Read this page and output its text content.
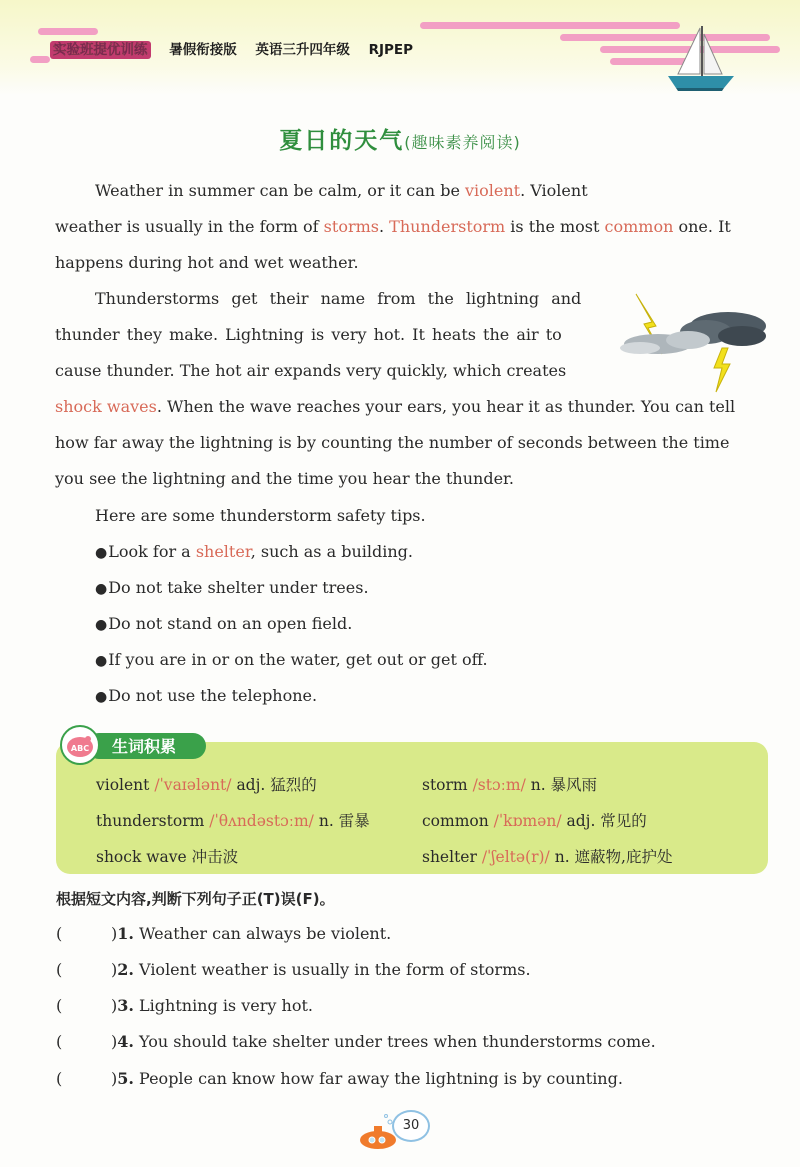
实验班提优训练 暑假衔接版 英语三升四年级 RJPEP
夏日的天气(趣味素养阅读)
Weather in summer can be calm, or it can be violent. Violent
weather is usually in the form of storms. Thunderstorm is the most common one. It
happens during hot and wet weather.
Thunderstorms get their name from the lightning and
thunder they make. Lightning is very hot. It heats the air to
cause thunder. The hot air expands very quickly, which creates
shock waves. When the wave reaches your ears, you hear it as thunder. You can tell
how far away the lightning is by counting the number of seconds between the time
you see the lightning and the time you hear the thunder.
Here are some thunderstorm safety tips.
●Look for a shelter, such as a building.
●Do not take shelter under trees.
●Do not stand on an open field.
●If you are in or on the water, get out or get off.
●Do not use the telephone.
ABC 生词积累
violent /ˈvaɪələnt/ adj. 猛烈的	storm /stɔːm/ n. 暴风雨
thunderstorm /ˈθʌndəstɔːm/ n. 雷暴	common /ˈkɒmən/ adj. 常见的
shock wave 冲击波	shelter /ˈʃeltə(r)/ n. 遮蔽物,庇护处
根据短文内容,判断下列句子正(T)误(F)。
(	)1. Weather can always be violent.
(	)2. Violent weather is usually in the form of storms.
(	)3. Lightning is very hot.
(	)4. You should take shelter under trees when thunderstorms come.
(	)5. People can know how far away the lightning is by counting.
30
